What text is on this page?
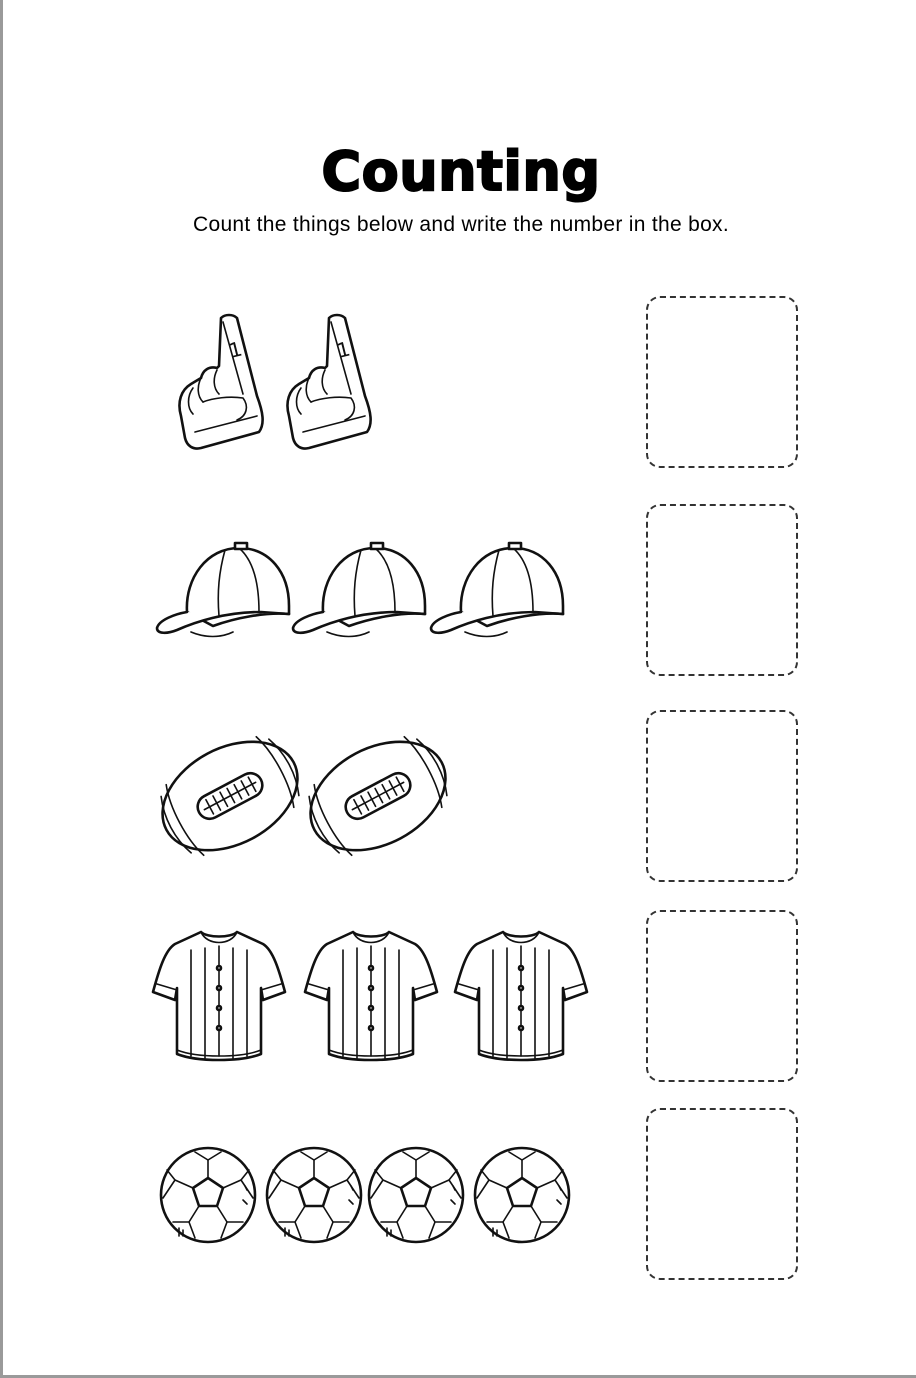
Counting
Count the things below and write the number in the box.
1	1
